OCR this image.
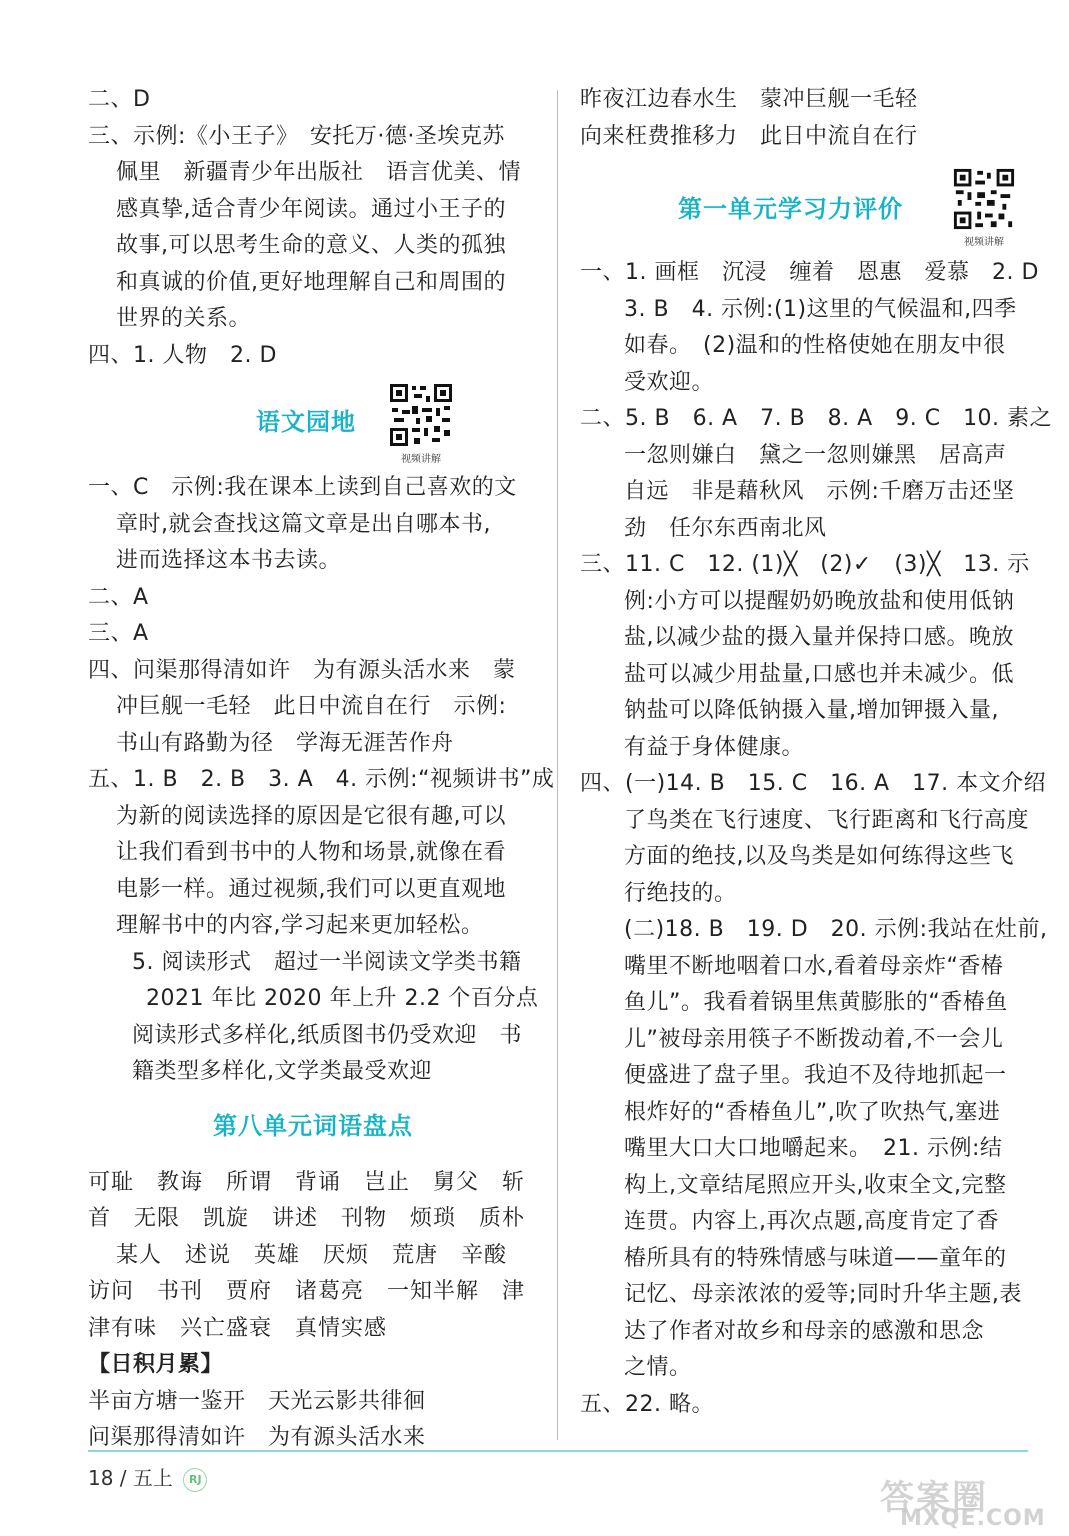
二、D
三、示例:《小王子》　安托万·德·圣埃克苏
佩里　新疆青少年出版社　语言优美、情
感真挚,适合青少年阅读。通过小王子的
故事,可以思考生命的意义、人类的孤独
和真诚的价值,更好地理解自己和周围的
世界的关系。
四、1. 人物　2. D
语文园地
视频讲解
一、C　示例:我在课本上读到自己喜欢的文
章时,就会查找这篇文章是出自哪本书,
进而选择这本书去读。
二、A
三、A
四、问渠那得清如许　为有源头活水来　蒙
冲巨舰一毛轻　此日中流自在行　示例:
书山有路勤为径　学海无涯苦作舟
五、1. B　2. B　3. A　4. 示例:“视频讲书”成
为新的阅读选择的原因是它很有趣,可以
让我们看到书中的人物和场景,就像在看
电影一样。通过视频,我们可以更直观地
理解书中的内容,学习起来更加轻松。
5. 阅读形式　超过一半阅读文学类书籍
2021 年比 2020 年上升 2.2 个百分点
阅读形式多样化,纸质图书仍受欢迎　书
籍类型多样化,文学类最受欢迎
第八单元词语盘点
可耻　教诲　所谓　背诵　岂止　舅父　斩
首　无限　凯旋　讲述　刊物　烦琐　质朴
某人　述说　英雄　厌烦　荒唐　辛酸
访问　书刊　贾府　诸葛亮　一知半解　津
津有味　兴亡盛衰　真情实感
【日积月累】
半亩方塘一鉴开　天光云影共徘徊
问渠那得清如许　为有源头活水来
昨夜江边春水生　蒙冲巨舰一毛轻
向来枉费推移力　此日中流自在行
第一单元学习力评价
视频讲解
一、1. 画框　沉浸　缠着　恩惠　爱慕　2. D
3. B　4. 示例:(1)这里的气候温和,四季
如春。　(2)温和的性格使她在朋友中很
受欢迎。
二、5. B　6. A　7. B　8. A　9. C　10. 素之
一忽则嫌白　黛之一忽则嫌黑　居高声
自远　非是藉秋风　示例:千磨万击还坚
劲　任尔东西南北风
三、11. C　12. (1)╳　(2)✓　(3)╳　13. 示
例:小方可以提醒奶奶晚放盐和使用低钠
盐,以减少盐的摄入量并保持口感。晚放
盐可以减少用盐量,口感也并未减少。低
钠盐可以降低钠摄入量,增加钾摄入量,
有益于身体健康。
四、(一)14. B　15. C　16. A　17. 本文介绍
了鸟类在飞行速度、飞行距离和飞行高度
方面的绝技,以及鸟类是如何练得这些飞
行绝技的。
(二)18. B　19. D　20. 示例:我站在灶前,
嘴里不断地咽着口水,看着母亲炸“香椿
鱼儿”。我看着锅里焦黄膨胀的“香椿鱼
儿”被母亲用筷子不断拨动着,不一会儿
便盛进了盘子里。我迫不及待地抓起一
根炸好的“香椿鱼儿”,吹了吹热气,塞进
嘴里大口大口地嚼起来。　21. 示例:结
构上,文章结尾照应开头,收束全文,完整
连贯。内容上,再次点题,高度肯定了香
椿所具有的特殊情感与味道——童年的
记忆、母亲浓浓的爱等;同时升华主题,表
达了作者对故乡和母亲的感激和思念
之情。
五、22. 略。
18 / 五上 RJ	答案圈
MXQE.COM
